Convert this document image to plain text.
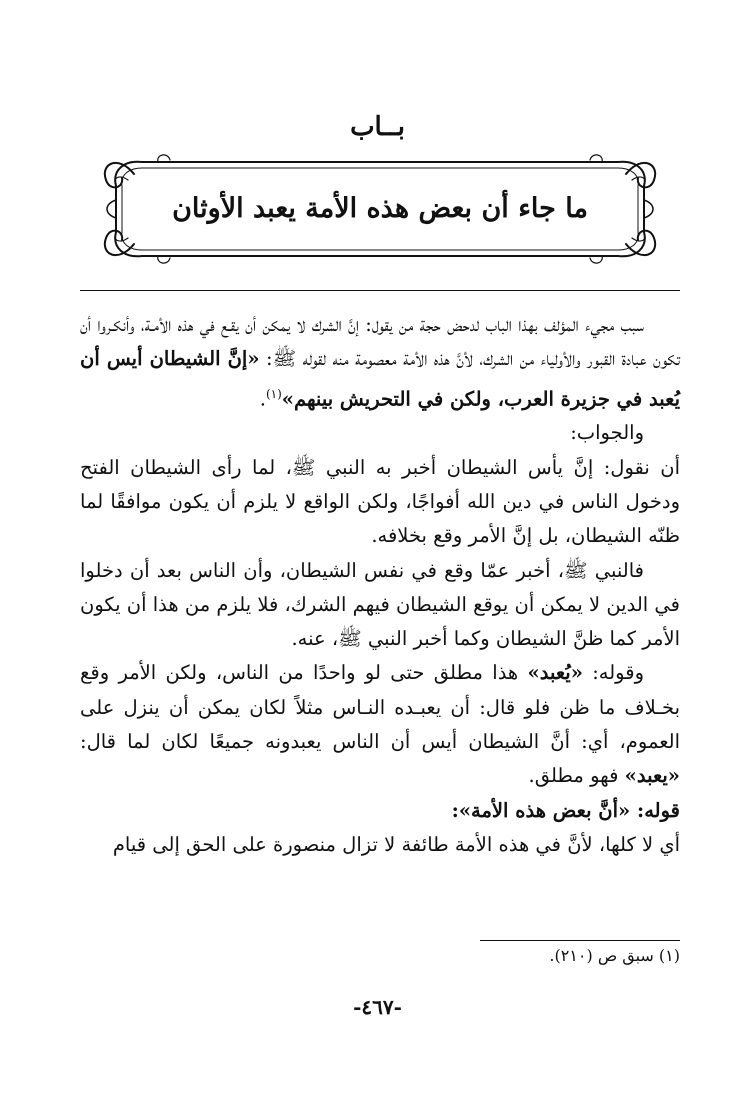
بــاب
ما جاء أن بعض هذه الأمة يعبد الأوثان

سبب مجيء المؤلف بهذا الباب لدحض حجة من يقول: إنَّ الشرك لا يمكن أن يقـع في هذه الأمـة، وأنكـروا أن تكون عبادة القبور والأولياء من الشرك، لأنَّ هذه الأمة معصومة منه لقوله ﷺ: «إنَّ الشيطان أيس أن يُعبد في جزيرة العرب، ولكن في التحريش بينهم»$^{(١)}$.

والجواب:

أن نقول: إنَّ يأس الشيطان أخبر به النبي ﷺ، لما رأى الشيطان الفتح ودخول الناس في دين الله أفواجًا، ولكن الواقع لا يلزم أن يكون موافقًا لما ظنّه الشيطان، بل إنَّ الأمر وقع بخلافه.

فالنبي ﷺ، أخبر عمّا وقع في نفس الشيطان، وأن الناس بعد أن دخلوا في الدين لا يمكن أن يوقع الشيطان فيهم الشرك، فلا يلزم من هذا أن يكون الأمر كما ظنَّ الشيطان وكما أخبر النبي ﷺ، عنه.

وقوله: «يُعبد» هذا مطلق حتى لو واحدًا من الناس، ولكن الأمر وقع بخـلاف ما ظن فلو قال: أن يعبـده النـاس مثلاً لكان يمكن أن ينزل على العموم، أي: أنَّ الشيطان أيس أن الناس يعبدونه جميعًا لكان لما قال: «يعبد» فهو مطلق.

قوله: «أنَّ بعض هذه الأمة»:

أي لا كلها، لأنَّ في هذه الأمة طائفة لا تزال منصورة على الحق إلى قيام

(١) سبق ص (٢١٠).
-٤٦٧-
